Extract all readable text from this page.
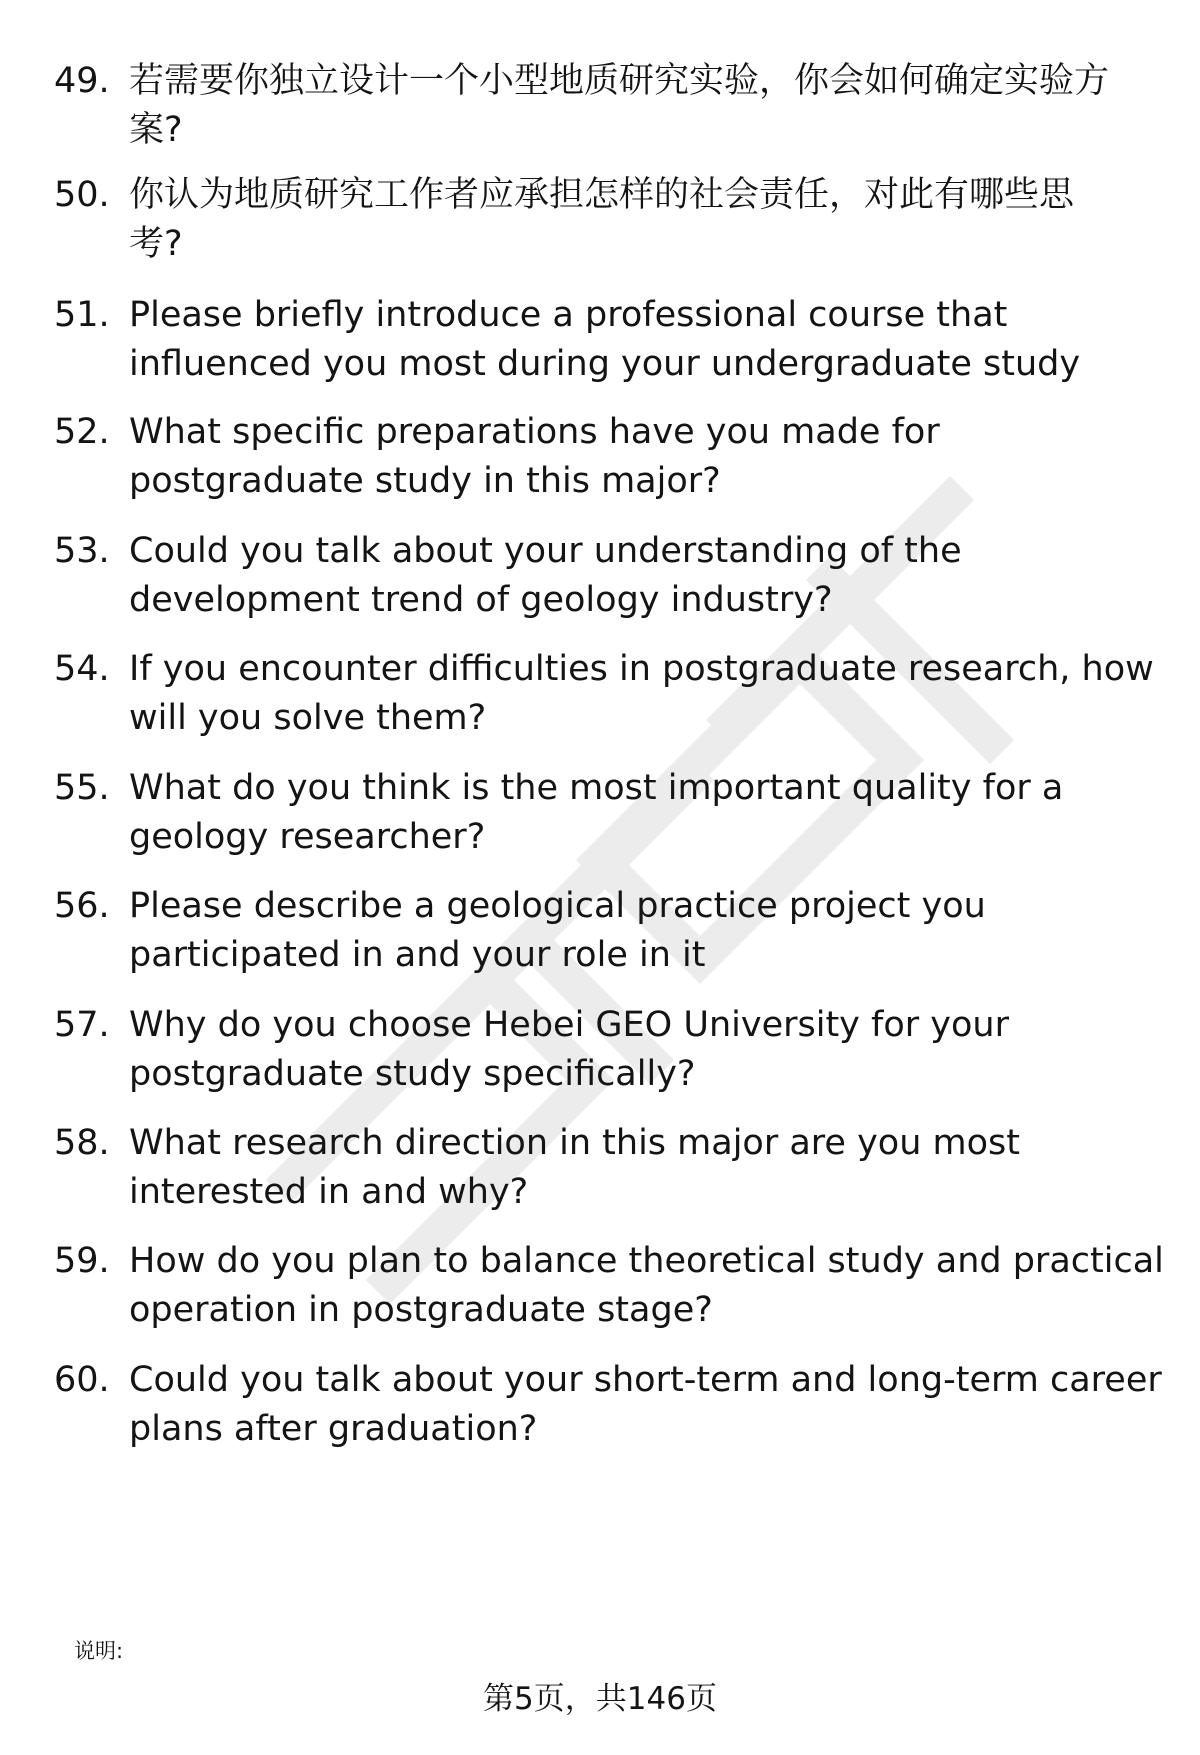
49. 若需要你独立设计一个小型地质研究实验，你会如何确定实验方
案?
50. 你认为地质研究工作者应承担怎样的社会责任，对此有哪些思
考?
51. Please briefly introduce a professional course that
influenced you most during your undergraduate study
52. What specific preparations have you made for
postgraduate study in this major?
53. Could you talk about your understanding of the
development trend of geology industry?
54. If you encounter difficulties in postgraduate research, how
will you solve them?
55. What do you think is the most important quality for a
geology researcher?
56. Please describe a geological practice project you
participated in and your role in it
57. Why do you choose Hebei GEO University for your
postgraduate study specifically?
58. What research direction in this major are you most
interested in and why?
59. How do you plan to balance theoretical study and practical
operation in postgraduate stage?
60. Could you talk about your short-term and long-term career
plans after graduation?
说明:
第5页，共146页
